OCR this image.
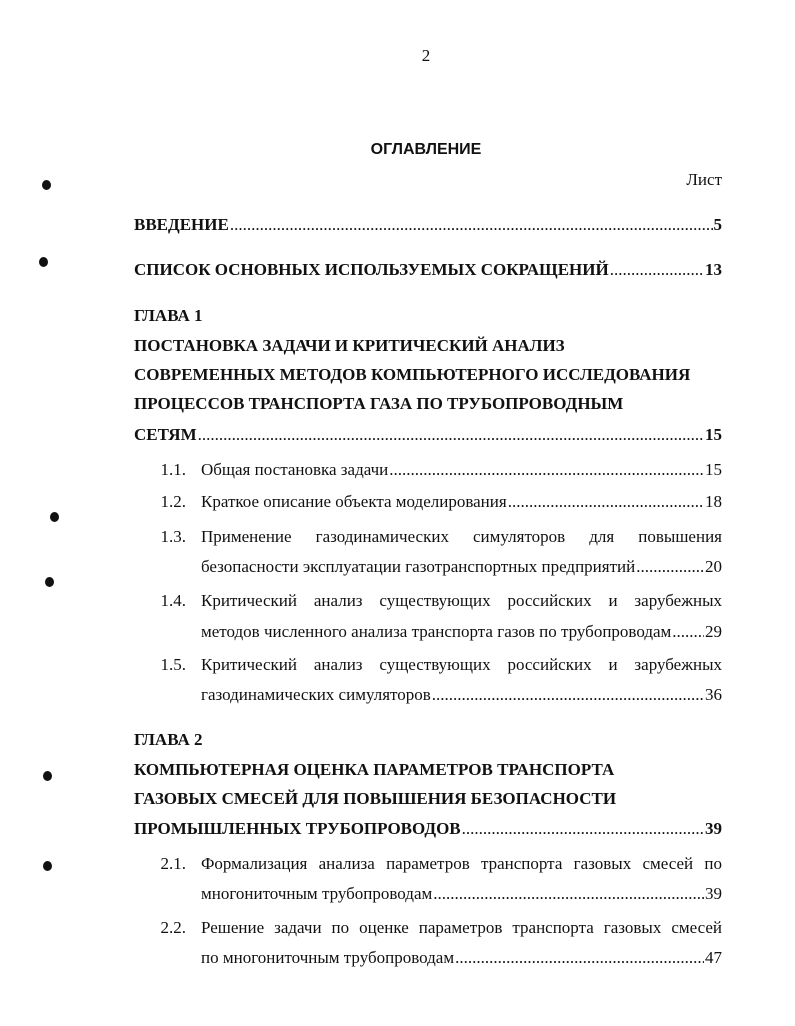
2
ОГЛАВЛЕНИЕ
Лист
ВВЕДЕНИЕ .....	5
СПИСОК ОСНОВНЫХ ИСПОЛЬЗУЕМЫХ СОКРАЩЕНИЙ .....	13
ГЛАВА 1
ПОСТАНОВКА ЗАДАЧИ И КРИТИЧЕСКИЙ АНАЛИЗ
СОВРЕМЕННЫХ МЕТОДОВ КОМПЬЮТЕРНОГО ИССЛЕДОВАНИЯ
ПРОЦЕССОВ ТРАНСПОРТА ГАЗА ПО ТРУБОПРОВОДНЫМ
СЕТЯМ .....	15
1.1. Общая постановка задачи .....	15
1.2. Краткое описание объекта моделирования .....	18
1.3. Применение газодинамических симуляторов для повышения
безопасности эксплуатации газотранспортных предприятий .....	20
1.4. Критический анализ существующих российских и зарубежных
методов численного анализа транспорта газов по трубопроводам ..... 29
1.5. Критический анализ существующих российских и зарубежных
газодинамических симуляторов .....	36
ГЛАВА 2
КОМПЬЮТЕРНАЯ ОЦЕНКА ПАРАМЕТРОВ ТРАНСПОРТА
ГАЗОВЫХ СМЕСЕЙ ДЛЯ ПОВЫШЕНИЯ БЕЗОПАСНОСТИ
ПРОМЫШЛЕННЫХ ТРУБОПРОВОДОВ .....	39
2.1. Формализация анализа параметров транспорта газовых смесей по
многониточным трубопроводам .....	39
2.2. Решение задачи по оценке параметров транспорта газовых смесей
по многониточным трубопроводам .....	47
